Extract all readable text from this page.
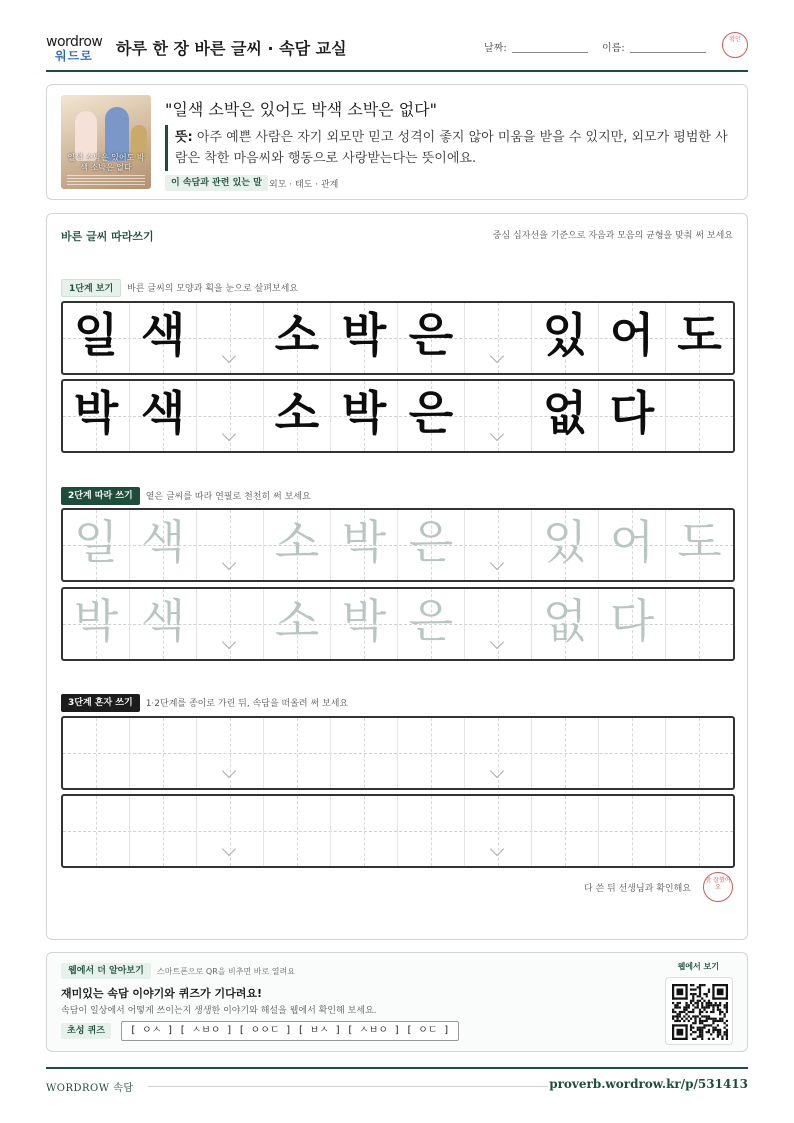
wordrow
워드로 하루 한 장 바른 글씨 · 속담 교실	날짜:	이름:
확인
일색 소박은 있어도 박색 소박은 없다
"일색 소박은 있어도 박색 소박은 없다"
뜻: 아주 예쁜 사람은 자기 외모만 믿고 성격이 좋지 않아 미움을 받을 수 있지만, 외모가 평범한 사람은 착한 마음씨와 행동으로 사랑받는다는 뜻이에요.
이 속담과 관련 있는 말 외모 · 태도 · 관계
바른 글씨 따라쓰기	중심 십자선을 기준으로 자음과 모음의 균형을 맞춰 써 보세요
1단계 보기 바른 글씨의 모양과 획을 눈으로 살펴보세요
일 색 소 박 은 있 어 도
박 색 소 박 은 없 다
2단계 따라 쓰기 옅은 글씨를 따라 연필로 천천히 써 보세요
일 색 소 박 은 있 어 도
박 색 소 박 은 없 다
3단계 혼자 쓰기 1·2단계를 종이로 가린 뒤, 속담을 떠올려 써 보세요
다 쓴 뒤 선생님과 확인해요
참 잘했어요
웹에서 더 알아보기	스마트폰으로 QR을 비추면 바로 열려요
재미있는 속담 이야기와 퀴즈가 기다려요!
속담이 일상에서 어떻게 쓰이는지 생생한 이야기와 해설을 웹에서 확인해 보세요.
초성 퀴즈	[ ㅇㅅ ] [ ㅅㅂㅇ ] [ ㅇㅇㄷ ] [ ㅂㅅ ] [ ㅅㅂㅇ ] [ ㅇㄷ ]
웹에서 보기
WORDROW 속담	proverb.wordrow.kr/p/531413
